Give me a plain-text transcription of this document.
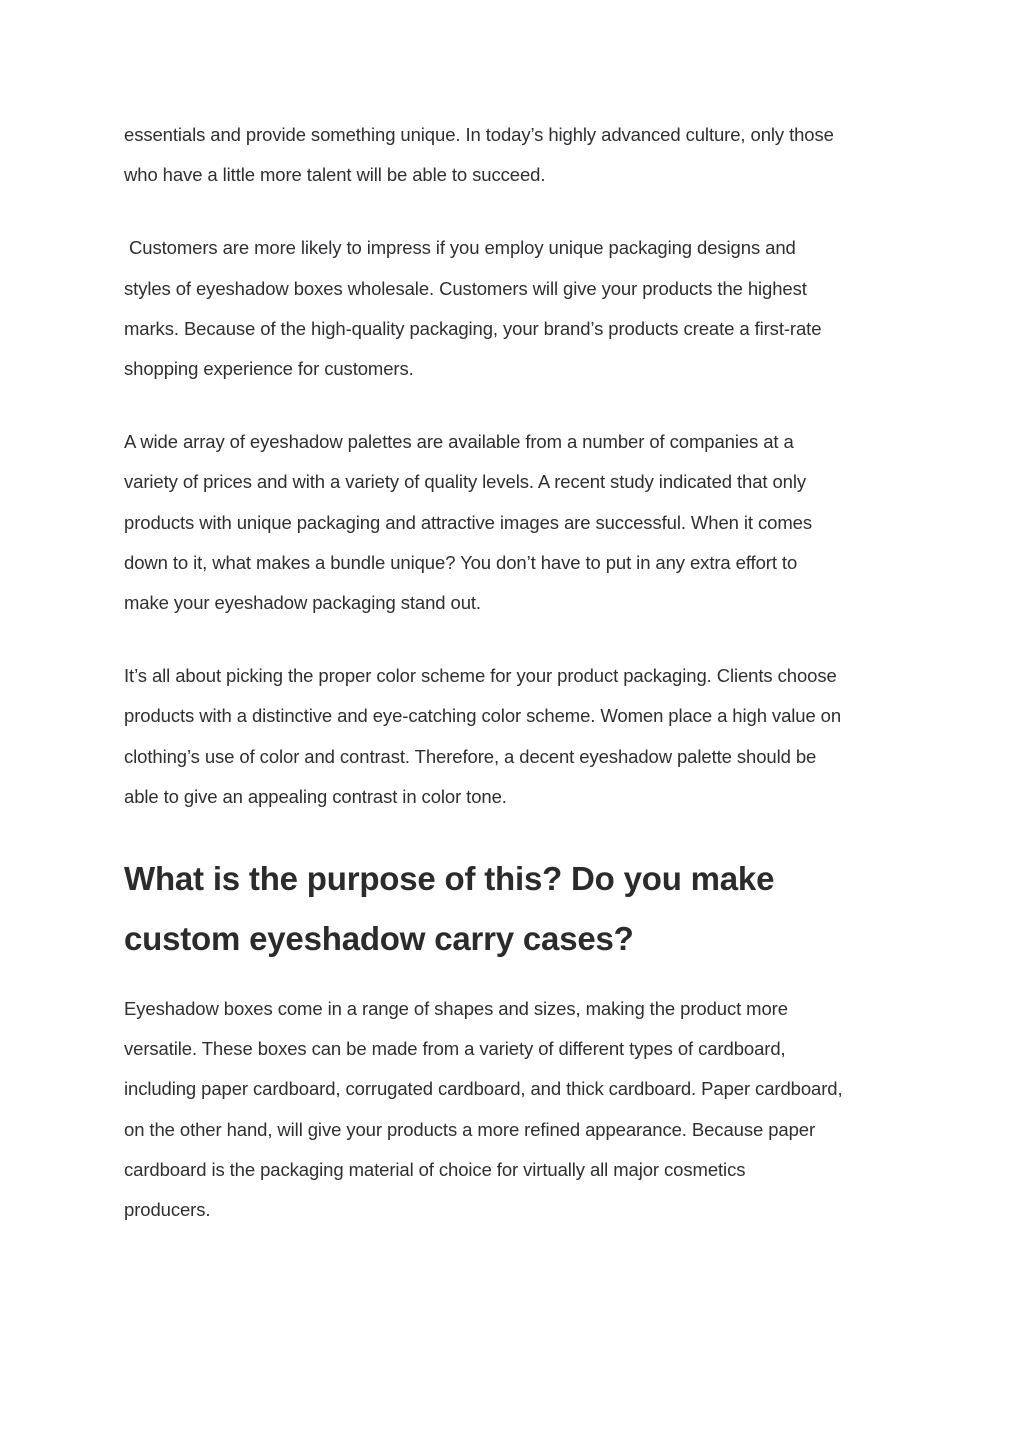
essentials and provide something unique. In today’s highly advanced culture, only those
who have a little more talent will be able to succeed.

Customers are more likely to impress if you employ unique packaging designs and
styles of eyeshadow boxes wholesale. Customers will give your products the highest
marks. Because of the high-quality packaging, your brand’s products create a first-rate
shopping experience for customers.

A wide array of eyeshadow palettes are available from a number of companies at a
variety of prices and with a variety of quality levels. A recent study indicated that only
products with unique packaging and attractive images are successful. When it comes
down to it, what makes a bundle unique? You don’t have to put in any extra effort to
make your eyeshadow packaging stand out.

It’s all about picking the proper color scheme for your product packaging. Clients choose
products with a distinctive and eye-catching color scheme. Women place a high value on
clothing’s use of color and contrast. Therefore, a decent eyeshadow palette should be
able to give an appealing contrast in color tone.

What is the purpose of this? Do you make
custom eyeshadow carry cases?

Eyeshadow boxes come in a range of shapes and sizes, making the product more
versatile. These boxes can be made from a variety of different types of cardboard,
including paper cardboard, corrugated cardboard, and thick cardboard. Paper cardboard,
on the other hand, will give your products a more refined appearance. Because paper
cardboard is the packaging material of choice for virtually all major cosmetics
producers.
